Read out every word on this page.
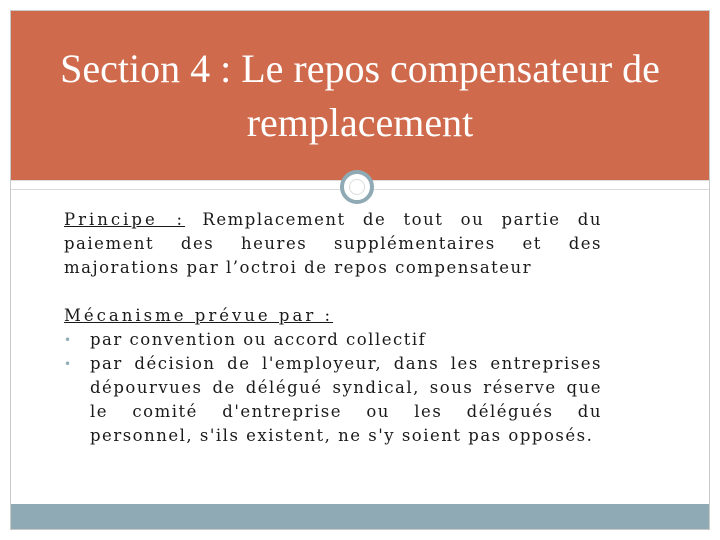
Section 4 : Le repos compensateur de remplacement

Principe : Remplacement de tout ou partie du paiement des heures supplémentaires et des majorations par l’octroi de repos compensateur

Mécanisme prévue par :
• par convention ou accord collectif
• par décision de l'employeur, dans les entreprises dépourvues de délégué syndical, sous réserve que le comité d'entreprise ou les délégués du personnel, s'ils existent, ne s'y soient pas opposés.
